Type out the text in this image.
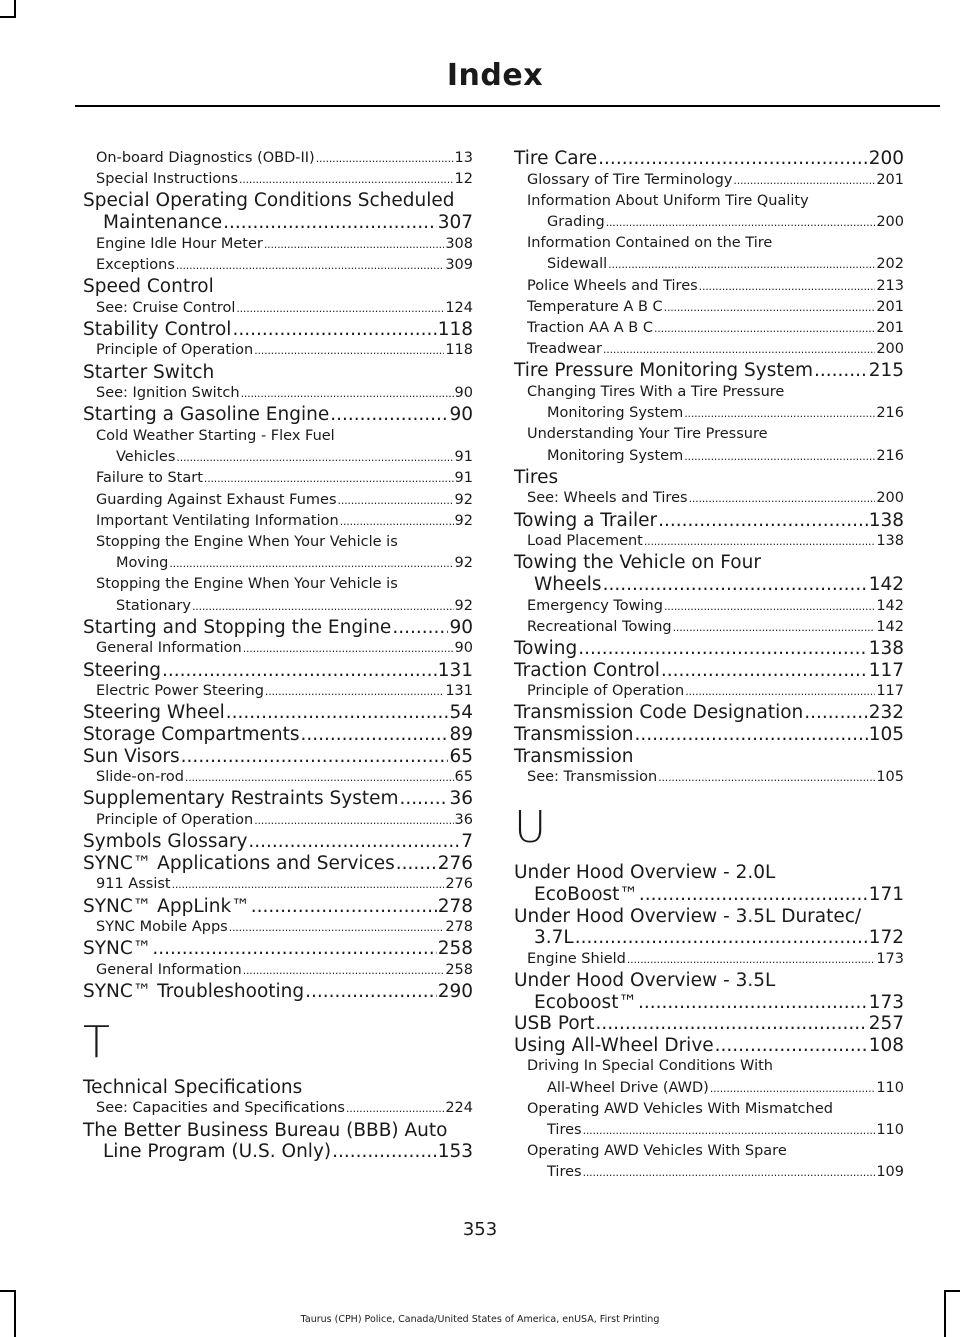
Index
On-board Diagnostics (OBD-II) .....	13
Special Instructions .....	12
Special Operating Conditions Scheduled
Maintenance .....	307
Engine Idle Hour Meter .....	308
Exceptions .....	309
Speed Control
See: Cruise Control .....	124
Stability Control .....	118
Principle of Operation .....	118
Starter Switch
See: Ignition Switch .....	90
Starting a Gasoline Engine .....	90
Cold Weather Starting - Flex Fuel
Vehicles .....	91
Failure to Start .....	91
Guarding Against Exhaust Fumes .....	92
Important Ventilating Information .....	92
Stopping the Engine When Your Vehicle is
Moving .....	92
Stopping the Engine When Your Vehicle is
Stationary .....	92
Starting and Stopping the Engine .....	90
General Information .....	90
Steering .....	131
Electric Power Steering .....	131
Steering Wheel .....	54
Storage Compartments .....	89
Sun Visors .....	65
Slide-on-rod .....	65
Supplementary Restraints System .....	36
Principle of Operation .....	36
Symbols Glossary .....	7
SYNC™ Applications and Services ..... 276
911 Assist .....	276
SYNC™ AppLink™ .....	278
SYNC Mobile Apps .....	278
SYNC™ .....	258
General Information .....	258
SYNC™ Troubleshooting .....	290
T
Technical Specifications
See: Capacities and Specifications .....	224
The Better Business Bureau (BBB) Auto
Line Program (U.S. Only) .....	153
Tire Care .....	200
Glossary of Tire Terminology .....	201
Information About Uniform Tire Quality
Grading .....	200
Information Contained on the Tire
Sidewall .....	202
Police Wheels and Tires .....	213
Temperature A B C .....	201
Traction AA A B C .....	201
Treadwear .....	200
Tire Pressure Monitoring System .....	215
Changing Tires With a Tire Pressure
Monitoring System .....	216
Understanding Your Tire Pressure
Monitoring System .....	216
Tires
See: Wheels and Tires .....	200
Towing a Trailer .....	138
Load Placement .....	138
Towing the Vehicle on Four
Wheels .....	142
Emergency Towing .....	142
Recreational Towing .....	142
Towing .....	138
Traction Control .....	117
Principle of Operation .....	117
Transmission Code Designation .....	232
Transmission .....	105
Transmission
See: Transmission .....	105
U
Under Hood Overview - 2.0L
EcoBoost™ .....	171
Under Hood Overview - 3.5L Duratec/
3.7L .....	172
Engine Shield .....	173
Under Hood Overview - 3.5L
Ecoboost™ .....	173
USB Port .....	257
Using All-Wheel Drive .....	108
Driving In Special Conditions With
All-Wheel Drive (AWD) .....	110
Operating AWD Vehicles With Mismatched
Tires .....	110
Operating AWD Vehicles With Spare
Tires .....	109
353
Taurus (CPH) Police, Canada/United States of America, enUSA, First Printing
